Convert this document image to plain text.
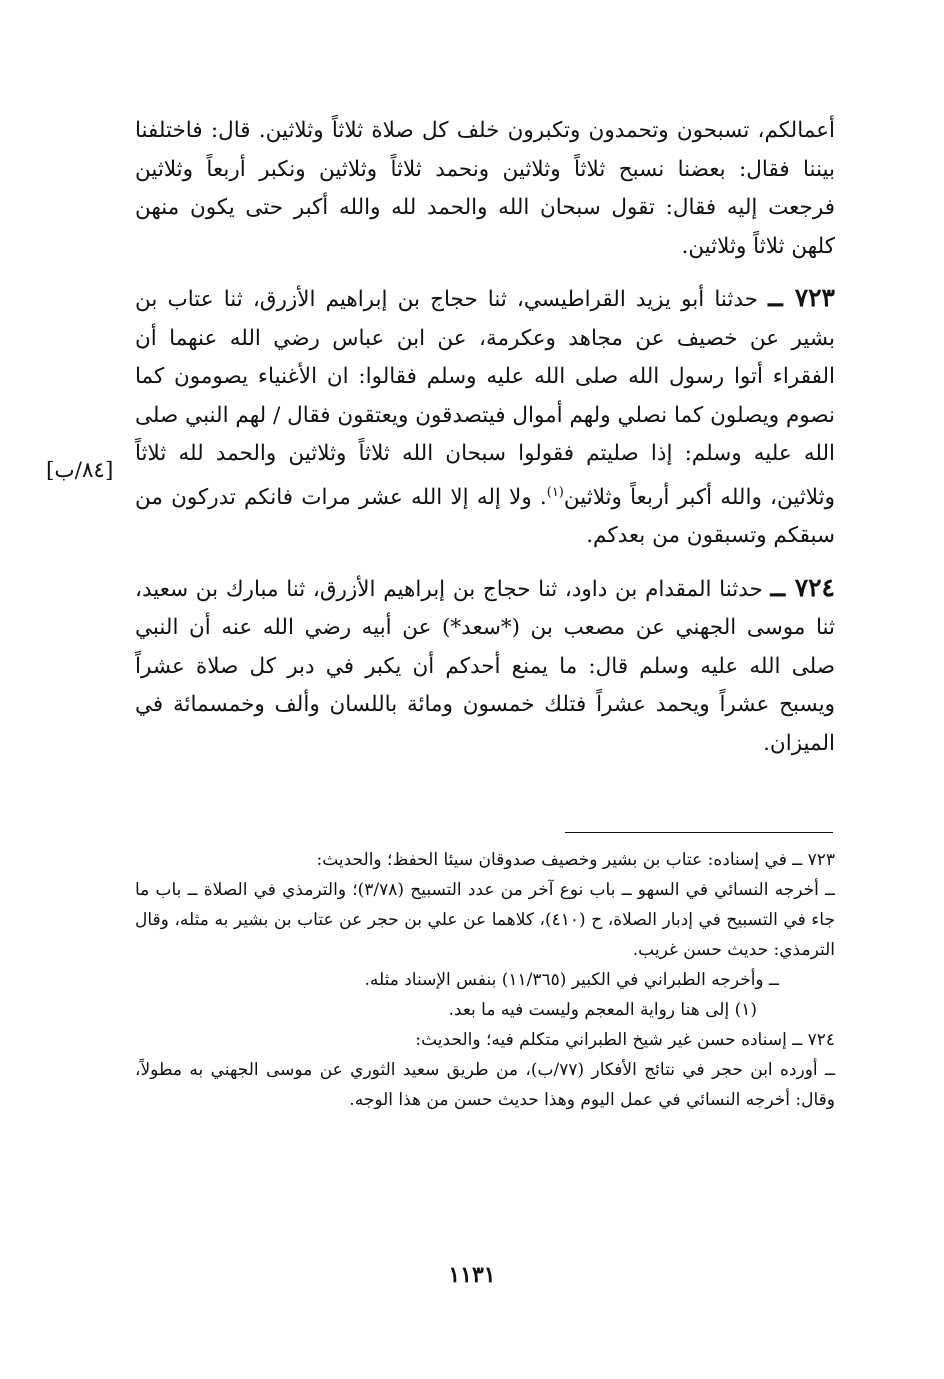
أعمالكم، تسبحون وتحمدون وتكبرون خلف كل صلاة ثلاثاً وثلاثين. قال: فاختلفنا بيننا فقال: بعضنا نسبح ثلاثاً وثلاثين ونحمد ثلاثاً وثلاثين ونكبر أربعاً وثلاثين فرجعت إليه فقال: تقول سبحان الله والحمد لله والله أكبر حتى يكون منهن كلهن ثلاثاً وثلاثين.

٧٢٣ ــ حدثنا أبو يزيد القراطيسي، ثنا حجاج بن إبراهيم الأزرق، ثنا عتاب بن بشير عن خصيف عن مجاهد وعكرمة، عن ابن عباس رضي الله عنهما أن الفقراء أتوا رسول الله صلى الله عليه وسلم فقالوا: ان الأغنياء يصومون كما نصوم ويصلون كما نصلي ولهم أموال فيتصدقون ويعتقون فقال / لهم النبي صلى الله عليه وسلم: إذا صليتم فقولوا سبحان الله ثلاثاً وثلاثين والحمد لله ثلاثاً وثلاثين، والله أكبر أربعاً وثلاثين$^{(١)}$. ولا إله إلا الله عشر مرات فانكم تدركون من سبقكم وتسبقون من بعدكم.

٧٢٤ ــ حدثنا المقدام بن داود، ثنا حجاج بن إبراهيم الأزرق، ثنا مبارك بن سعيد، ثنا موسى الجهني عن مصعب بن (*سعد*) عن أبيه رضي الله عنه أن النبي صلى الله عليه وسلم قال: ما يمنع أحدكم أن يكبر في دبر كل صلاة عشراً ويسبح عشراً ويحمد عشراً فتلك خمسون ومائة باللسان وألف وخمسمائة في الميزان.

[٨٤/ب]

٧٢٣ ــ في إسناده: عتاب بن بشير وخصيف صدوقان سيئا الحفظ؛ والحديث:

ــ أخرجه النسائي في السهو ــ باب نوع آخر من عدد التسبيح (٣/٧٨)؛ والترمذي في الصلاة ــ باب ما جاء في التسبيح في إدبار الصلاة، ح (٤١٠)، كلاهما عن علي بن حجر عن عتاب بن بشير به مثله، وقال الترمذي: حديث حسن غريب.

ــ وأخرجه الطبراني في الكبير (١١/٣٦٥) بنفس الإسناد مثله.

(١) إلى هنا رواية المعجم وليست فيه ما بعد.

٧٢٤ ــ إسناده حسن غير شيخ الطبراني متكلم فيه؛ والحديث:

ــ أورده ابن حجر في نتائج الأفكار (٧٧/ب)، من طريق سعيد الثوري عن موسى الجهني به مطولاً، وقال: أخرجه النسائي في عمل اليوم وهذا حديث حسن من هذا الوجه.

١١٣١
